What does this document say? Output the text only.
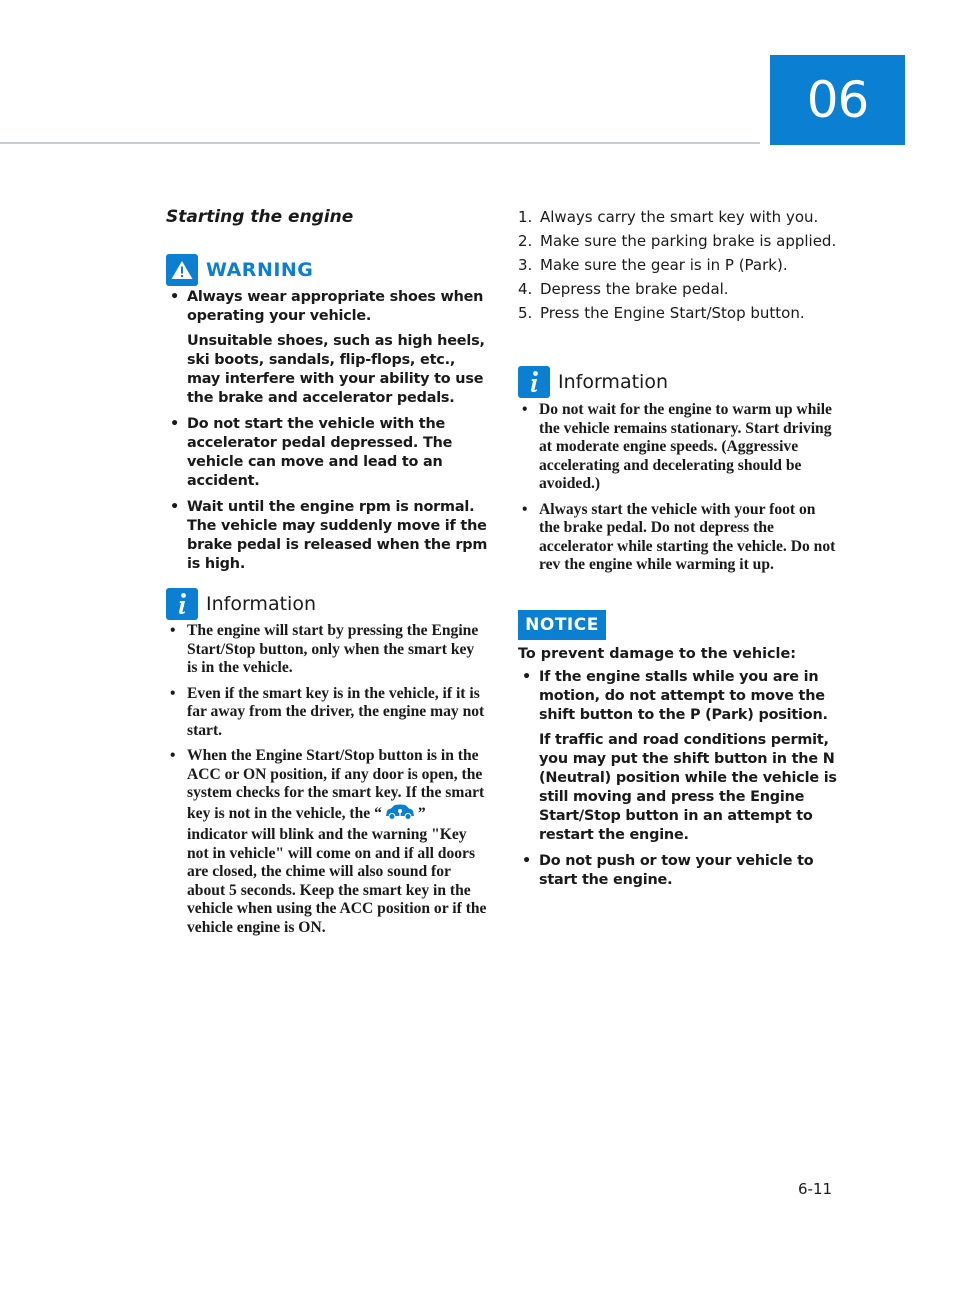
06
Starting the engine
WARNING
• Always wear appropriate shoes when operating your vehicle.

Unsuitable shoes, such as high heels, ski boots, sandals, flip-flops, etc., may interfere with your ability to use the brake and accelerator pedals.

• Do not start the vehicle with the accelerator pedal depressed. The vehicle can move and lead to an accident.
• Wait until the engine rpm is normal. The vehicle may suddenly move if the brake pedal is released when the rpm is high.
Information
• The engine will start by pressing the Engine Start/Stop button, only when the smart key is in the vehicle.
• Even if the smart key is in the vehicle, if it is far away from the driver, the engine may not start.
• When the Engine Start/Stop button is in the ACC or ON position, if any door is open, the system checks for the smart key. If the smart key is not in the vehicle, the “ ” indicator will blink and the warning "Key not in vehicle" will come on and if all doors are closed, the chime will also sound for about 5 seconds. Keep the smart key in the vehicle when using the ACC position or if the vehicle engine is ON.
1. Always carry the smart key with you.
2. Make sure the parking brake is applied.
3. Make sure the gear is in P (Park).
4. Depress the brake pedal.
5. Press the Engine Start/Stop button.
Information
• Do not wait for the engine to warm up while the vehicle remains stationary. Start driving at moderate engine speeds. (Aggressive accelerating and decelerating should be avoided.)
• Always start the vehicle with your foot on the brake pedal. Do not depress the accelerator while starting the vehicle. Do not rev the engine while warming it up.
NOTICE
To prevent damage to the vehicle:
• If the engine stalls while you are in motion, do not attempt to move the shift button to the P (Park) position.

If traffic and road conditions permit, you may put the shift button in the N (Neutral) position while the vehicle is still moving and press the Engine Start/Stop button in an attempt to restart the engine.

• Do not push or tow your vehicle to start the engine.
6-11
